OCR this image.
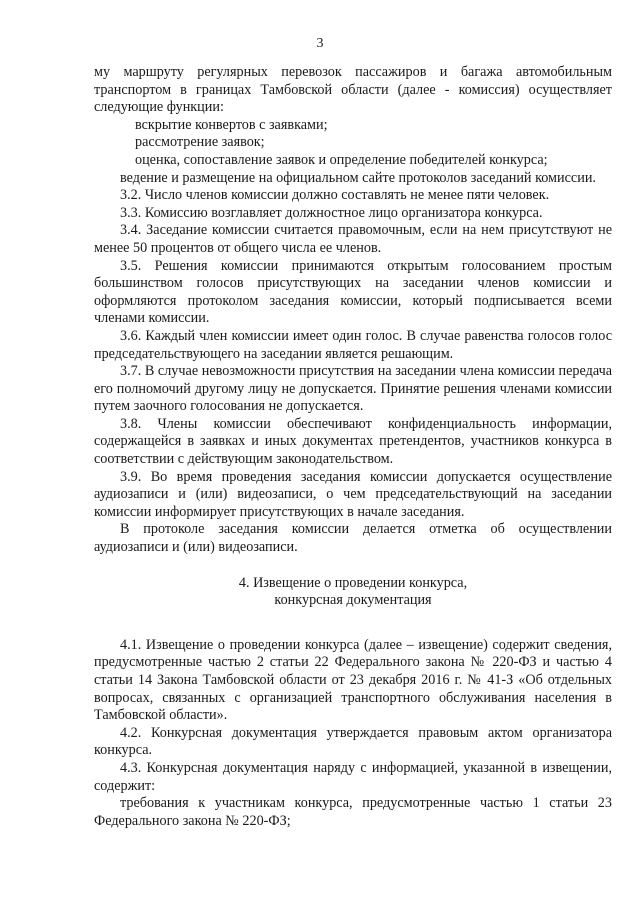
3

му маршруту регулярных перевозок пассажиров и багажа автомобильным транспортом в границах Тамбовской области (далее - комиссия) осуществляет следующие функции:

вскрытие конвертов с заявками;

рассмотрение заявок;

оценка, сопоставление заявок и определение победителей конкурса;

ведение и размещение на официальном сайте протоколов заседаний комиссии.

3.2. Число членов комиссии должно составлять не менее пяти человек.

3.3. Комиссию возглавляет должностное лицо организатора конкурса.

3.4. Заседание комиссии считается правомочным, если на нем присутствуют не менее 50 процентов от общего числа ее членов.

3.5. Решения комиссии принимаются открытым голосованием простым большинством голосов присутствующих на заседании членов комиссии и оформляются протоколом заседания комиссии, который подписывается всеми членами комиссии.

3.6. Каждый член комиссии имеет один голос. В случае равенства голосов голос председательствующего на заседании является решающим.

3.7. В случае невозможности присутствия на заседании члена комиссии передача его полномочий другому лицу не допускается. Принятие решения членами комиссии путем заочного голосования не допускается.

3.8. Члены комиссии обеспечивают конфиденциальность информации, содержащейся в заявках и иных документах претендентов, участников конкурса в соответствии с действующим законодательством.

3.9. Во время проведения заседания комиссии допускается осуществление аудиозаписи и (или) видеозаписи, о чем председательствующий на заседании комиссии информирует присутствующих в начале заседания.

В протоколе заседания комиссии делается отметка об осуществлении аудиозаписи и (или) видеозаписи.

4. Извещение о проведении конкурса,

конкурсная документация

4.1. Извещение о проведении конкурса (далее – извещение) содержит сведения, предусмотренные частью 2 статьи 22 Федерального закона № 220-ФЗ и частью 4 статьи 14 Закона Тамбовской области от 23 декабря 2016 г. № 41-З «Об отдельных вопросах, связанных с организацией транспортного обслуживания населения в Тамбовской области».

4.2. Конкурсная документация утверждается правовым актом организатора конкурса.

4.3. Конкурсная документация наряду с информацией, указанной в извещении, содержит:

требования к участникам конкурса, предусмотренные частью 1 статьи 23 Федерального закона № 220-ФЗ;
